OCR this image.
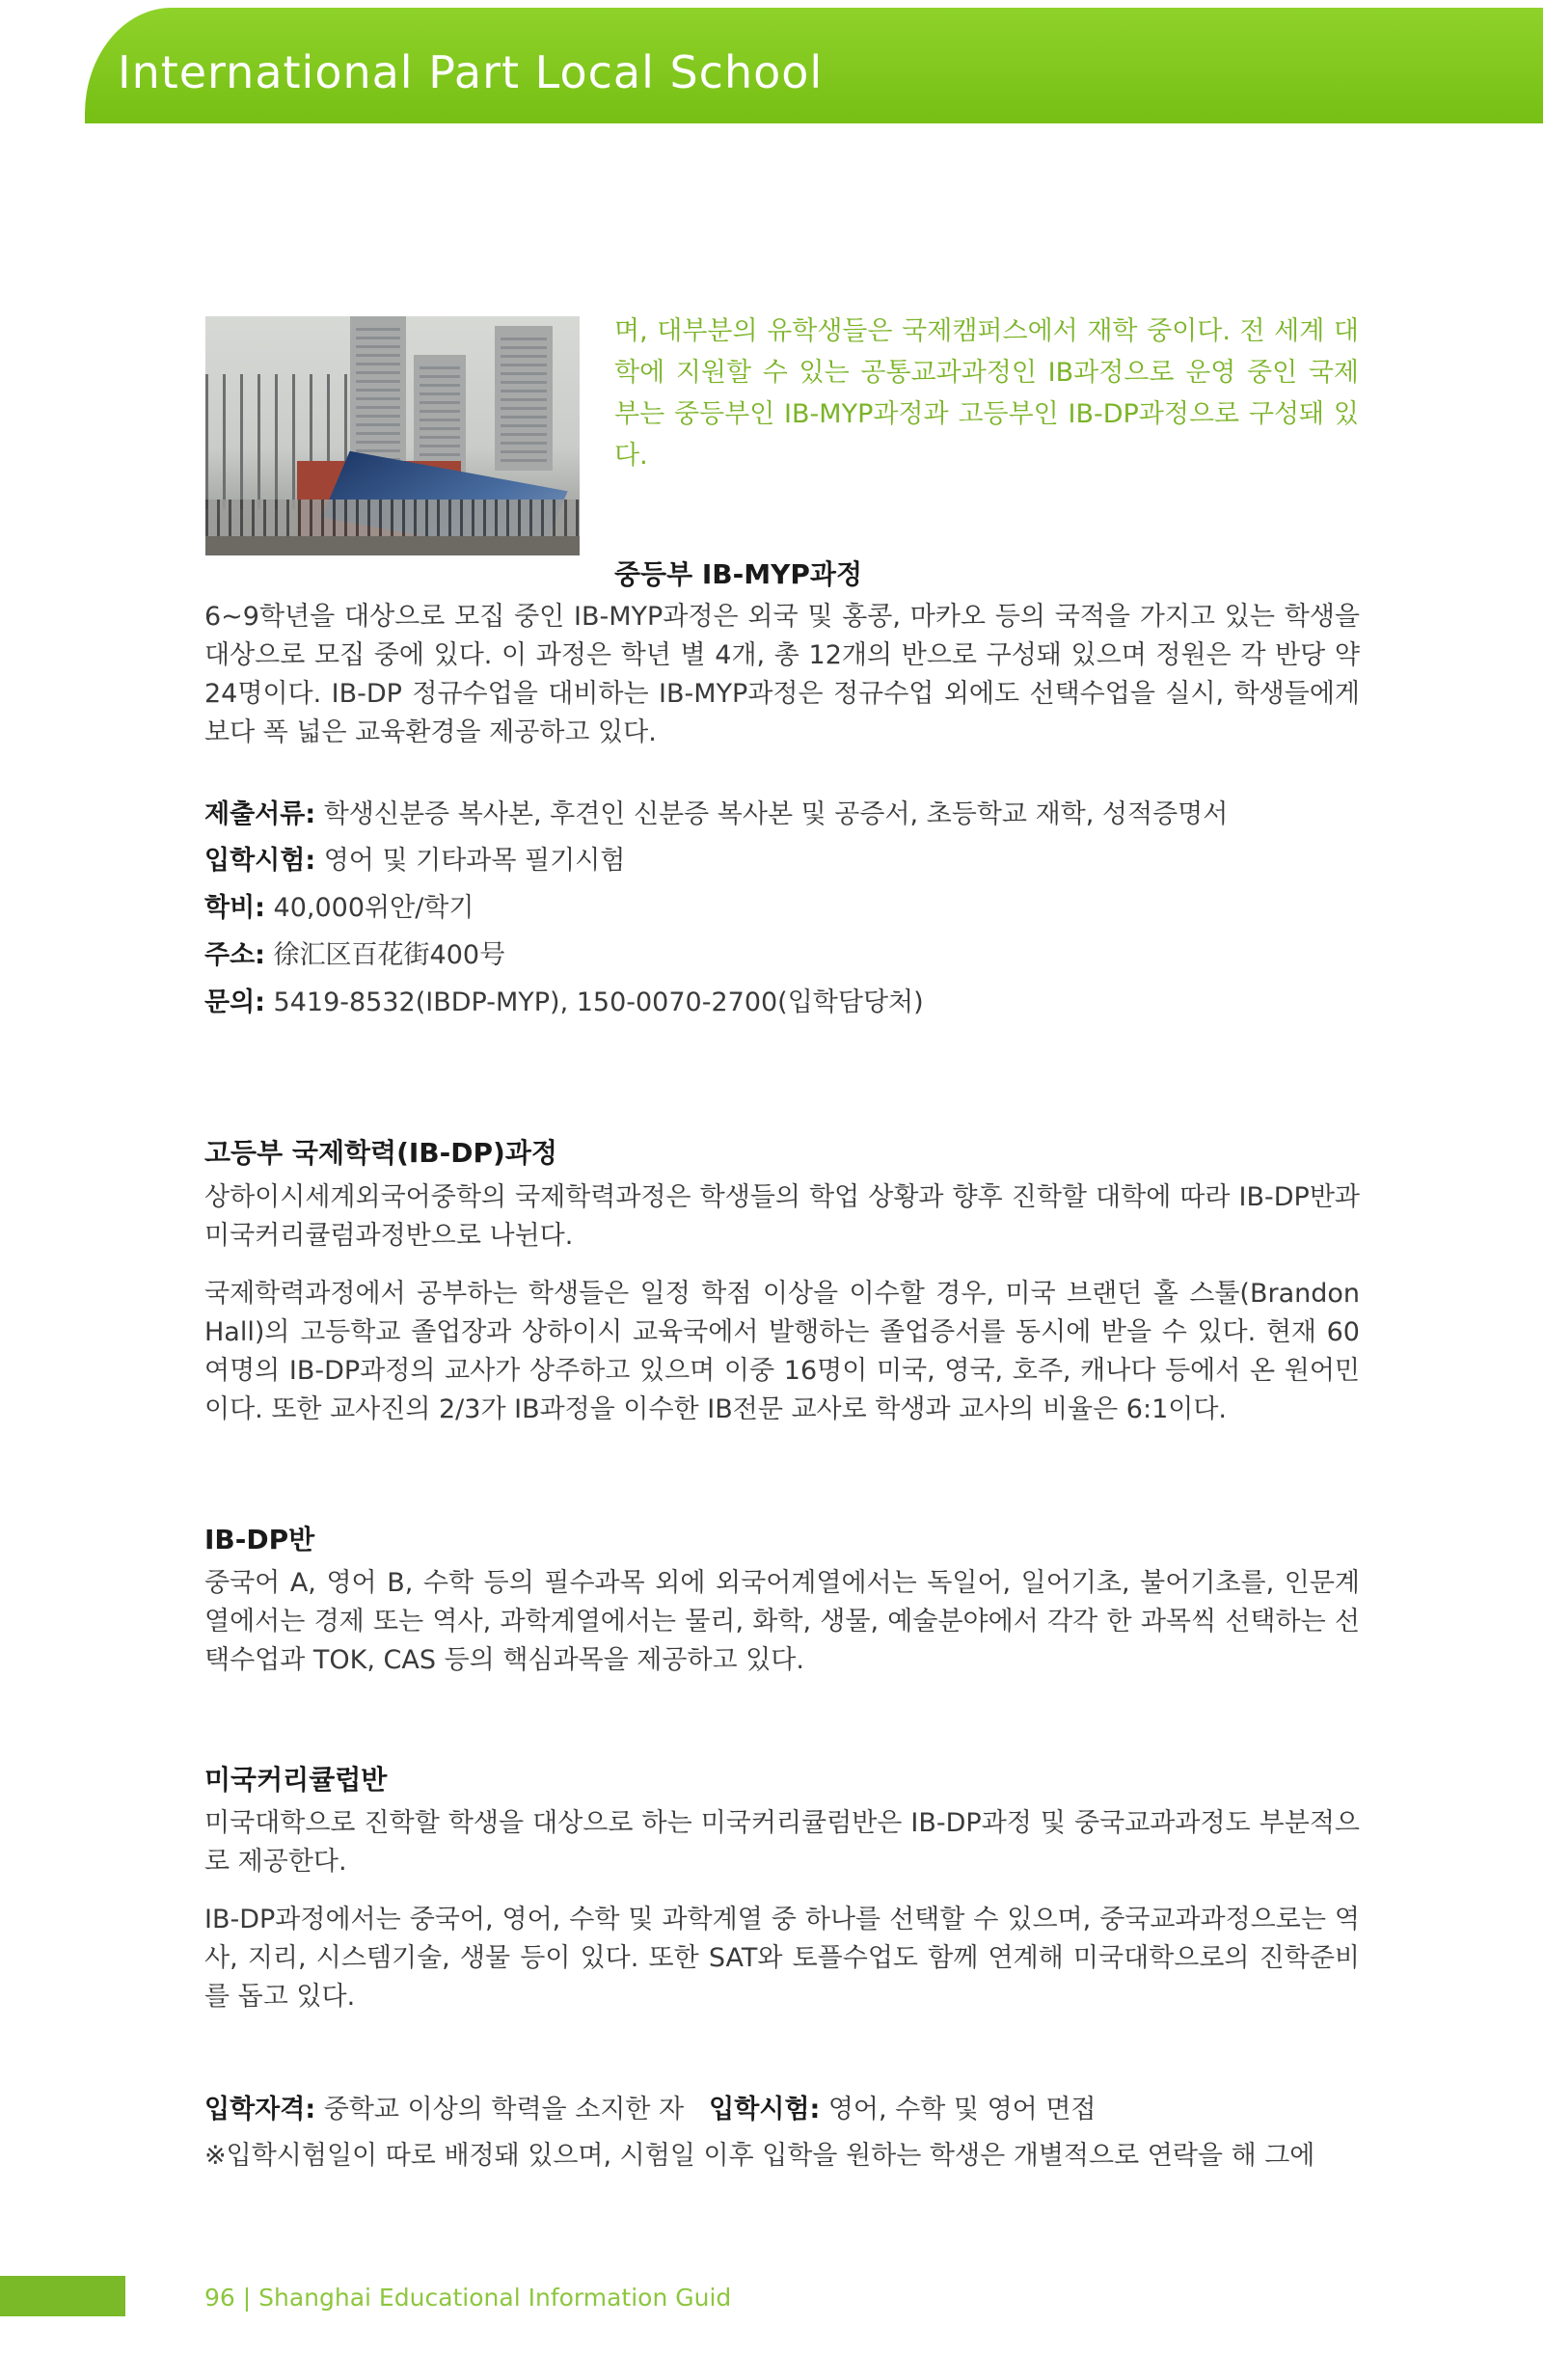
International Part Local School
며, 대부분의 유학생들은 국제캠퍼스에서 재학 중이다. 전 세계 대학에 지원할 수 있는 공통교과과정인 IB과정으로 운영 중인 국제부는 중등부인 IB-MYP과정과 고등부인 IB-DP과정으로 구성돼 있다.
중등부 IB-MYP과정
6~9학년을 대상으로 모집 중인 IB-MYP과정은 외국 및 홍콩, 마카오 등의 국적을 가지고 있는 학생을 대상으로 모집 중에 있다. 이 과정은 학년 별 4개, 총 12개의 반으로 구성돼 있으며 정원은 각 반당 약 24명이다. IB-DP 정규수업을 대비하는 IB-MYP과정은 정규수업 외에도 선택수업을 실시, 학생들에게 보다 폭 넓은 교육환경을 제공하고 있다.
제출서류: 학생신분증 복사본, 후견인 신분증 복사본 및 공증서, 초등학교 재학, 성적증명서
입학시험: 영어 및 기타과목 필기시험
학비: 40,000위안/학기
주소: 徐汇区百花街400号
문의: 5419-8532(IBDP-MYP), 150-0070-2700(입학담당처)
고등부 국제학력(IB-DP)과정
상하이시세계외국어중학의 국제학력과정은 학생들의 학업 상황과 향후 진학할 대학에 따라 IB-DP반과 미국커리큘럼과정반으로 나뉜다.
국제학력과정에서 공부하는 학생들은 일정 학점 이상을 이수할 경우, 미국 브랜던 홀 스툴(Brandon Hall)의 고등학교 졸업장과 상하이시 교육국에서 발행하는 졸업증서를 동시에 받을 수 있다. 현재 60여명의 IB-DP과정의 교사가 상주하고 있으며 이중 16명이 미국, 영국, 호주, 캐나다 등에서 온 원어민이다. 또한 교사진의 2/3가 IB과정을 이수한 IB전문 교사로 학생과 교사의 비율은 6:1이다.
IB-DP반
중국어 A, 영어 B, 수학 등의 필수과목 외에 외국어계열에서는 독일어, 일어기초, 불어기초를, 인문계열에서는 경제 또는 역사, 과학계열에서는 물리, 화학, 생물, 예술분야에서 각각 한 과목씩 선택하는 선택수업과 TOK, CAS 등의 핵심과목을 제공하고 있다.
미국커리큘럽반
미국대학으로 진학할 학생을 대상으로 하는 미국커리큘럼반은 IB-DP과정 및 중국교과과정도 부분적으로 제공한다.
IB-DP과정에서는 중국어, 영어, 수학 및 과학계열 중 하나를 선택할 수 있으며, 중국교과과정으로는 역사, 지리, 시스템기술, 생물 등이 있다. 또한 SAT와 토플수업도 함께 연계해 미국대학으로의 진학준비를 돕고 있다.
입학자격: 중학교 이상의 학력을 소지한 자 입학시험: 영어, 수학 및 영어 면접
※입학시험일이 따로 배정돼 있으며, 시험일 이후 입학을 원하는 학생은 개별적으로 연락을 해 그에
96 | Shanghai Educational Information Guid
